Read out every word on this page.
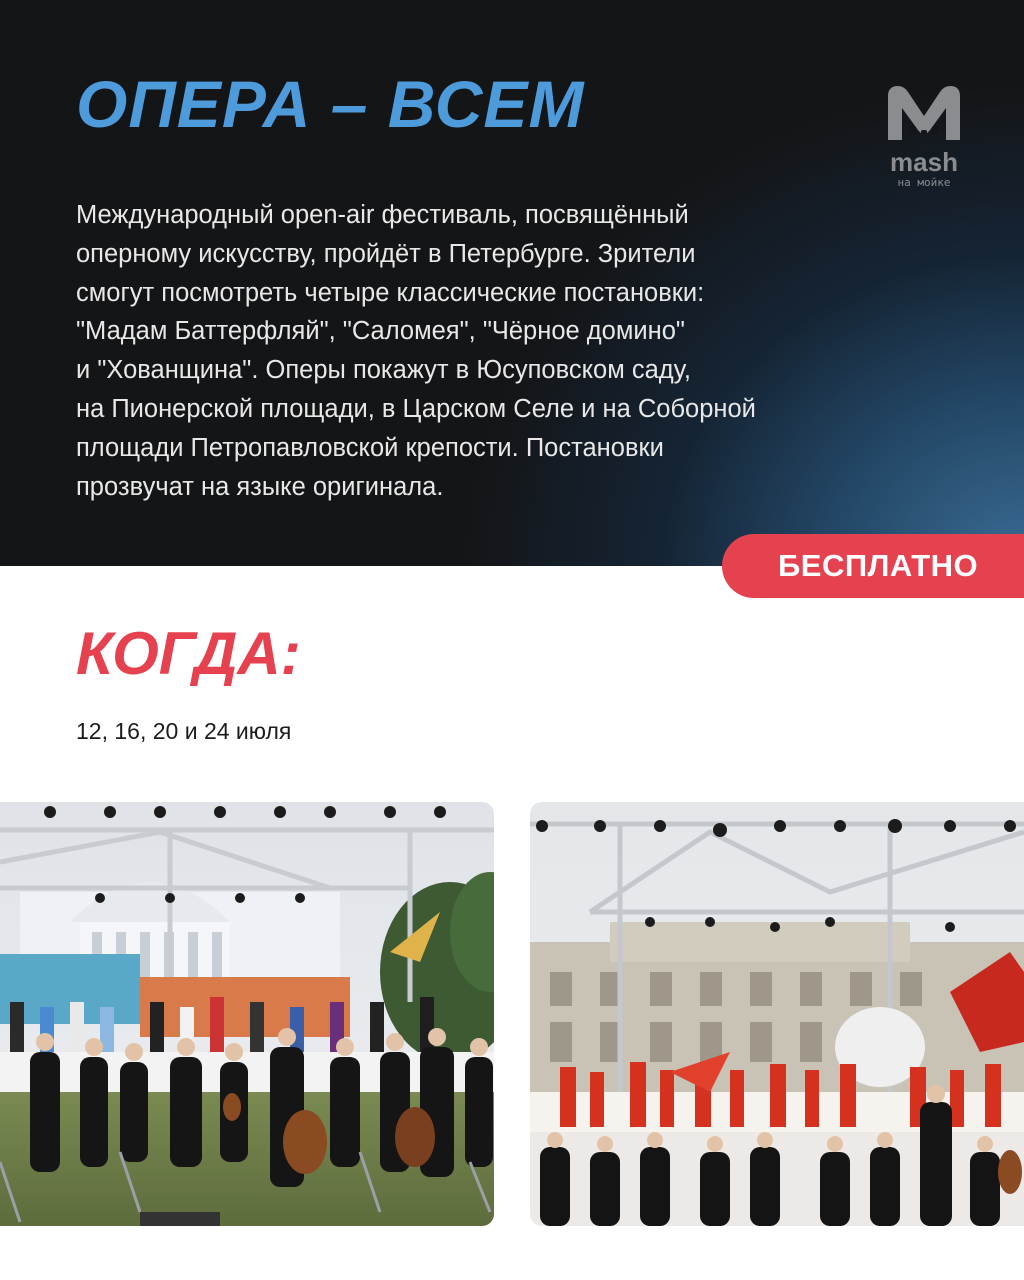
ОПЕРА – ВСЕМ
mash
на мойке

Международный open-air фестиваль, посвящённый
оперному искусству, пройдёт в Петербурге. Зрители
смогут посмотреть четыре классические постановки:
"Мадам Баттерфляй", "Саломея", "Чёрное домино"
и "Хованщина". Оперы покажут в Юсуповском саду,
на Пионерской площади, в Царском Селе и на Соборной
площади Петропавловской крепости. Постановки
прозвучат на языке оригинала.

БЕСПЛАТНО
КОГДА:
12, 16, 20 и 24 июля
